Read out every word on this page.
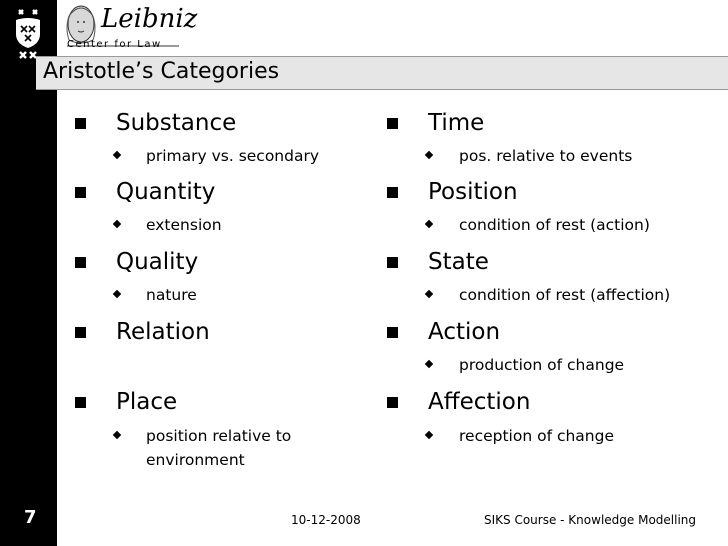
Leibniz
Center for Law
Aristotle’s Categories
Substance
primary vs. secondary
Quantity
extension
Quality
nature
Relation
Place
position relative to
environment
Time
pos. relative to events
Position
condition of rest (action)
State
condition of rest (affection)
Action
production of change
Affection
reception of change
7	10-12-2008	SIKS Course - Knowledge Modelling
